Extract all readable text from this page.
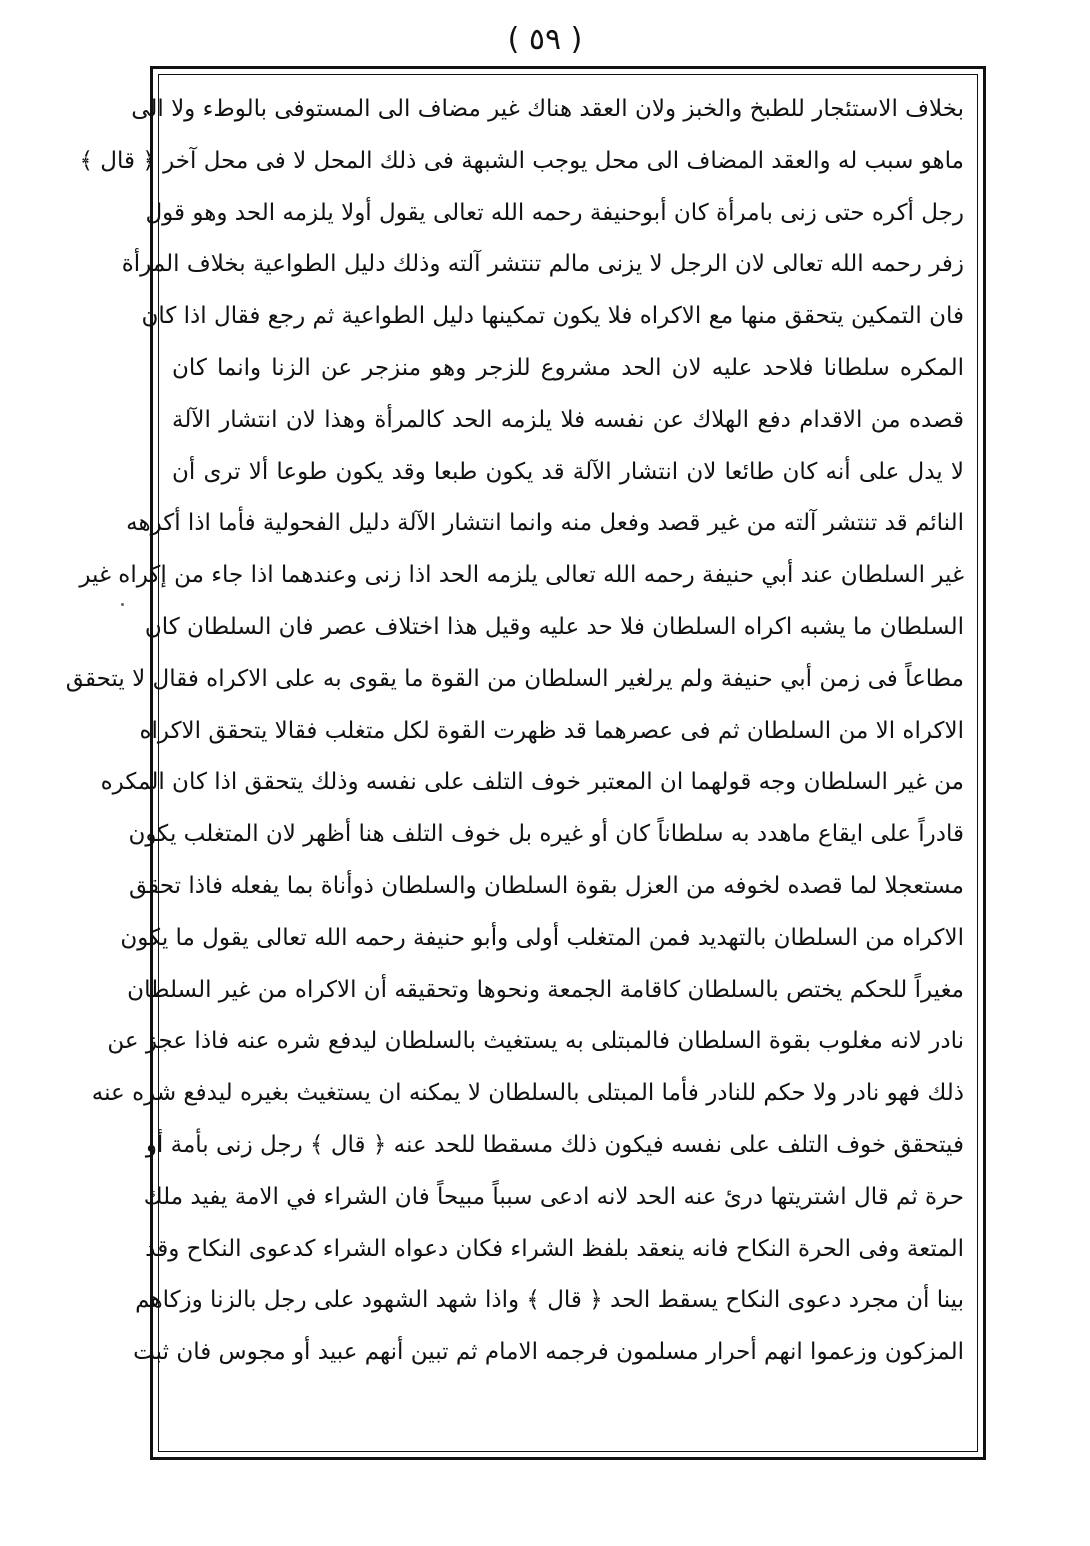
( ٥٩ )
بخلاف الاستئجار للطبخ والخبز ولان العقد هناك غير مضاف الى المستوفى بالوطء ولا الى
ماهو سبب له والعقد المضاف الى محل يوجب الشبهة فى ذلك المحل لا فى محل آخر ﴿ قال ﴾
رجل أكره حتى زنى بامرأة كان أبوحنيفة رحمه الله تعالى يقول أولا يلزمه الحد وهو قول
زفر رحمه الله تعالى لان الرجل لا يزنى مالم تنتشر آلته وذلك دليل الطواعية بخلاف المرأة
فان التمكين يتحقق منها مع الاكراه فلا يكون تمكينها دليل الطواعية ثم رجع فقال اذا كان
المكره سلطانا فلاحد عليه لان الحد مشروع للزجر وهو منزجر عن الزنا وانما كان
قصده من الاقدام دفع الهلاك عن نفسه فلا يلزمه الحد كالمرأة وهذا لان انتشار الآلة
لا يدل على أنه كان طائعا لان انتشار الآلة قد يكون طبعا وقد يكون طوعا ألا ترى أن
النائم قد تنتشر آلته من غير قصد وفعل منه وانما انتشار الآلة دليل الفحولية فأما اذا أكرهه
غير السلطان عند أبي حنيفة رحمه الله تعالى يلزمه الحد اذا زنى وعندهما اذا جاء من إكراه غير
السلطان ما يشبه اكراه السلطان فلا حد عليه وقيل هذا اختلاف عصر فان السلطان كان
مطاعاً فى زمن أبي حنيفة ولم يرلغير السلطان من القوة ما يقوى به على الاكراه فقال لا يتحقق
الاكراه الا من السلطان ثم فى عصرهما قد ظهرت القوة لكل متغلب فقالا يتحقق الاكراه
من غير السلطان وجه قولهما ان المعتبر خوف التلف على نفسه وذلك يتحقق اذا كان المكره
قادراً على ايقاع ماهدد به سلطاناً كان أو غيره بل خوف التلف هنا أظهر لان المتغلب يكون
مستعجلا لما قصده لخوفه من العزل بقوة السلطان والسلطان ذوأناة بما يفعله فاذا تحقق
الاكراه من السلطان بالتهديد فمن المتغلب أولى وأبو حنيفة رحمه الله تعالى يقول ما يكون
مغيراً للحكم يختص بالسلطان كاقامة الجمعة ونحوها وتحقيقه أن الاكراه من غير السلطان
نادر لانه مغلوب بقوة السلطان فالمبتلى به يستغيث بالسلطان ليدفع شره عنه فاذا عجز عن
ذلك فهو نادر ولا حكم للنادر فأما المبتلى بالسلطان لا يمكنه ان يستغيث بغيره ليدفع شره عنه
فيتحقق خوف التلف على نفسه فيكون ذلك مسقطا للحد عنه ﴿ قال ﴾ رجل زنى بأمة أو
حرة ثم قال اشتريتها درئ عنه الحد لانه ادعى سبباً مبيحاً فان الشراء في الامة يفيد ملك
المتعة وفى الحرة النكاح فانه ينعقد بلفظ الشراء فكان دعواه الشراء كدعوى النكاح وقد
بينا أن مجرد دعوى النكاح يسقط الحد ﴿ قال ﴾ واذا شهد الشهود على رجل بالزنا وزكاهم
المزكون وزعموا انهم أحرار مسلمون فرجمه الامام ثم تبين أنهم عبيد أو مجوس فان ثبت
